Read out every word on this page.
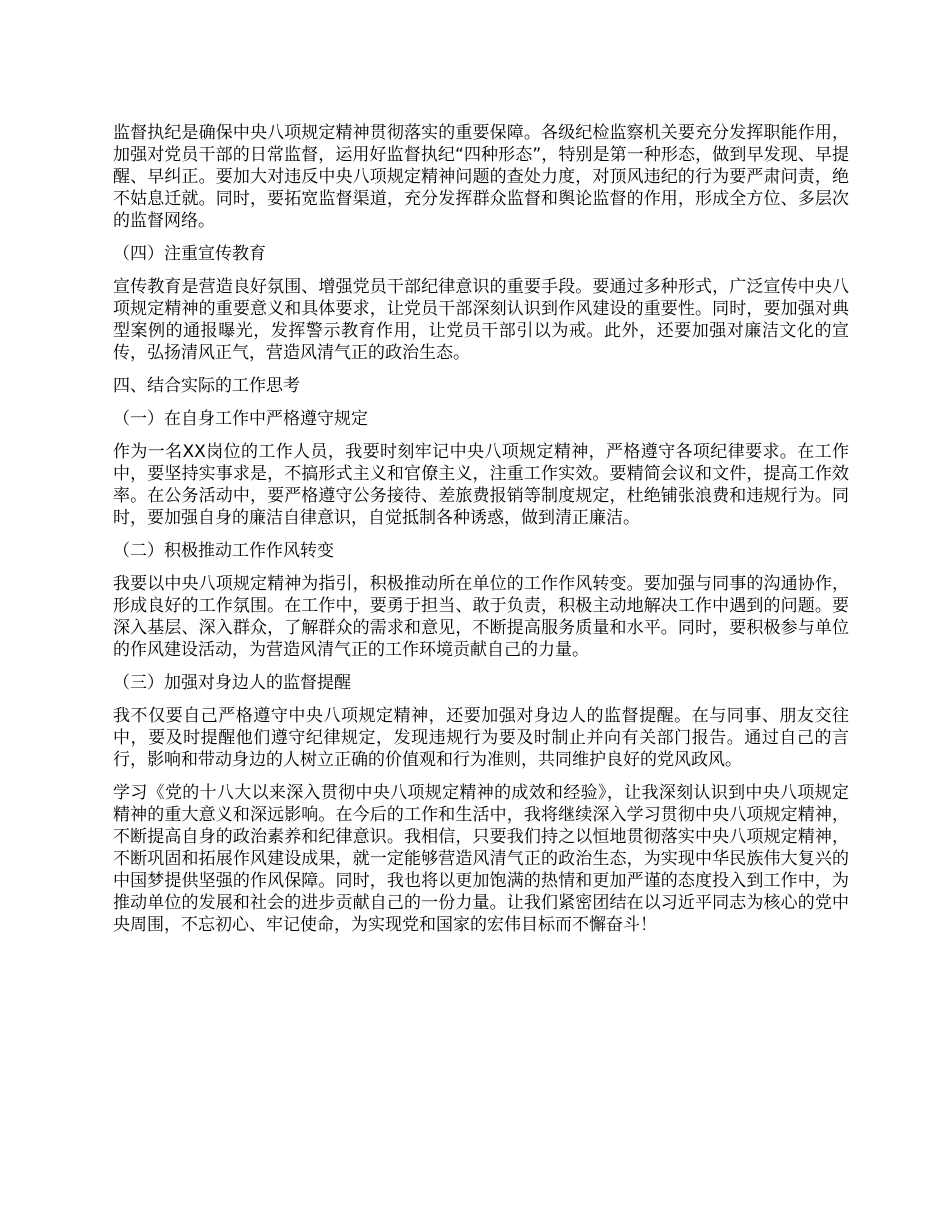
监督执纪是确保中央八项规定精神贯彻落实的重要保障。各级纪检监察机关要充分发挥职能作用，加强对党员干部的日常监督，运用好监督执纪“四种形态”，特别是第一种形态，做到早发现、早提醒、早纠正。要加大对违反中央八项规定精神问题的查处力度，对顶风违纪的行为要严肃问责，绝不姑息迁就。同时，要拓宽监督渠道，充分发挥群众监督和舆论监督的作用，形成全方位、多层次的监督网络。

（四）注重宣传教育

宣传教育是营造良好氛围、增强党员干部纪律意识的重要手段。要通过多种形式，广泛宣传中央八项规定精神的重要意义和具体要求，让党员干部深刻认识到作风建设的重要性。同时，要加强对典型案例的通报曝光，发挥警示教育作用，让党员干部引以为戒。此外，还要加强对廉洁文化的宣传，弘扬清风正气，营造风清气正的政治生态。

四、结合实际的工作思考

（一）在自身工作中严格遵守规定

作为一名XX岗位的工作人员，我要时刻牢记中央八项规定精神，严格遵守各项纪律要求。在工作中，要坚持实事求是，不搞形式主义和官僚主义，注重工作实效。要精简会议和文件，提高工作效率。在公务活动中，要严格遵守公务接待、差旅费报销等制度规定，杜绝铺张浪费和违规行为。同时，要加强自身的廉洁自律意识，自觉抵制各种诱惑，做到清正廉洁。

（二）积极推动工作作风转变

我要以中央八项规定精神为指引，积极推动所在单位的工作作风转变。要加强与同事的沟通协作，形成良好的工作氛围。在工作中，要勇于担当、敢于负责，积极主动地解决工作中遇到的问题。要深入基层、深入群众，了解群众的需求和意见，不断提高服务质量和水平。同时，要积极参与单位的作风建设活动，为营造风清气正的工作环境贡献自己的力量。

（三）加强对身边人的监督提醒

我不仅要自己严格遵守中央八项规定精神，还要加强对身边人的监督提醒。在与同事、朋友交往中，要及时提醒他们遵守纪律规定，发现违规行为要及时制止并向有关部门报告。通过自己的言行，影响和带动身边的人树立正确的价值观和行为准则，共同维护良好的党风政风。

学习《党的十八大以来深入贯彻中央八项规定精神的成效和经验》，让我深刻认识到中央八项规定精神的重大意义和深远影响。在今后的工作和生活中，我将继续深入学习贯彻中央八项规定精神，不断提高自身的政治素养和纪律意识。我相信，只要我们持之以恒地贯彻落实中央八项规定精神，不断巩固和拓展作风建设成果，就一定能够营造风清气正的政治生态，为实现中华民族伟大复兴的中国梦提供坚强的作风保障。同时，我也将以更加饱满的热情和更加严谨的态度投入到工作中，为推动单位的发展和社会的进步贡献自己的一份力量。让我们紧密团结在以习近平同志为核心的党中央周围，不忘初心、牢记使命，为实现党和国家的宏伟目标而不懈奋斗！
